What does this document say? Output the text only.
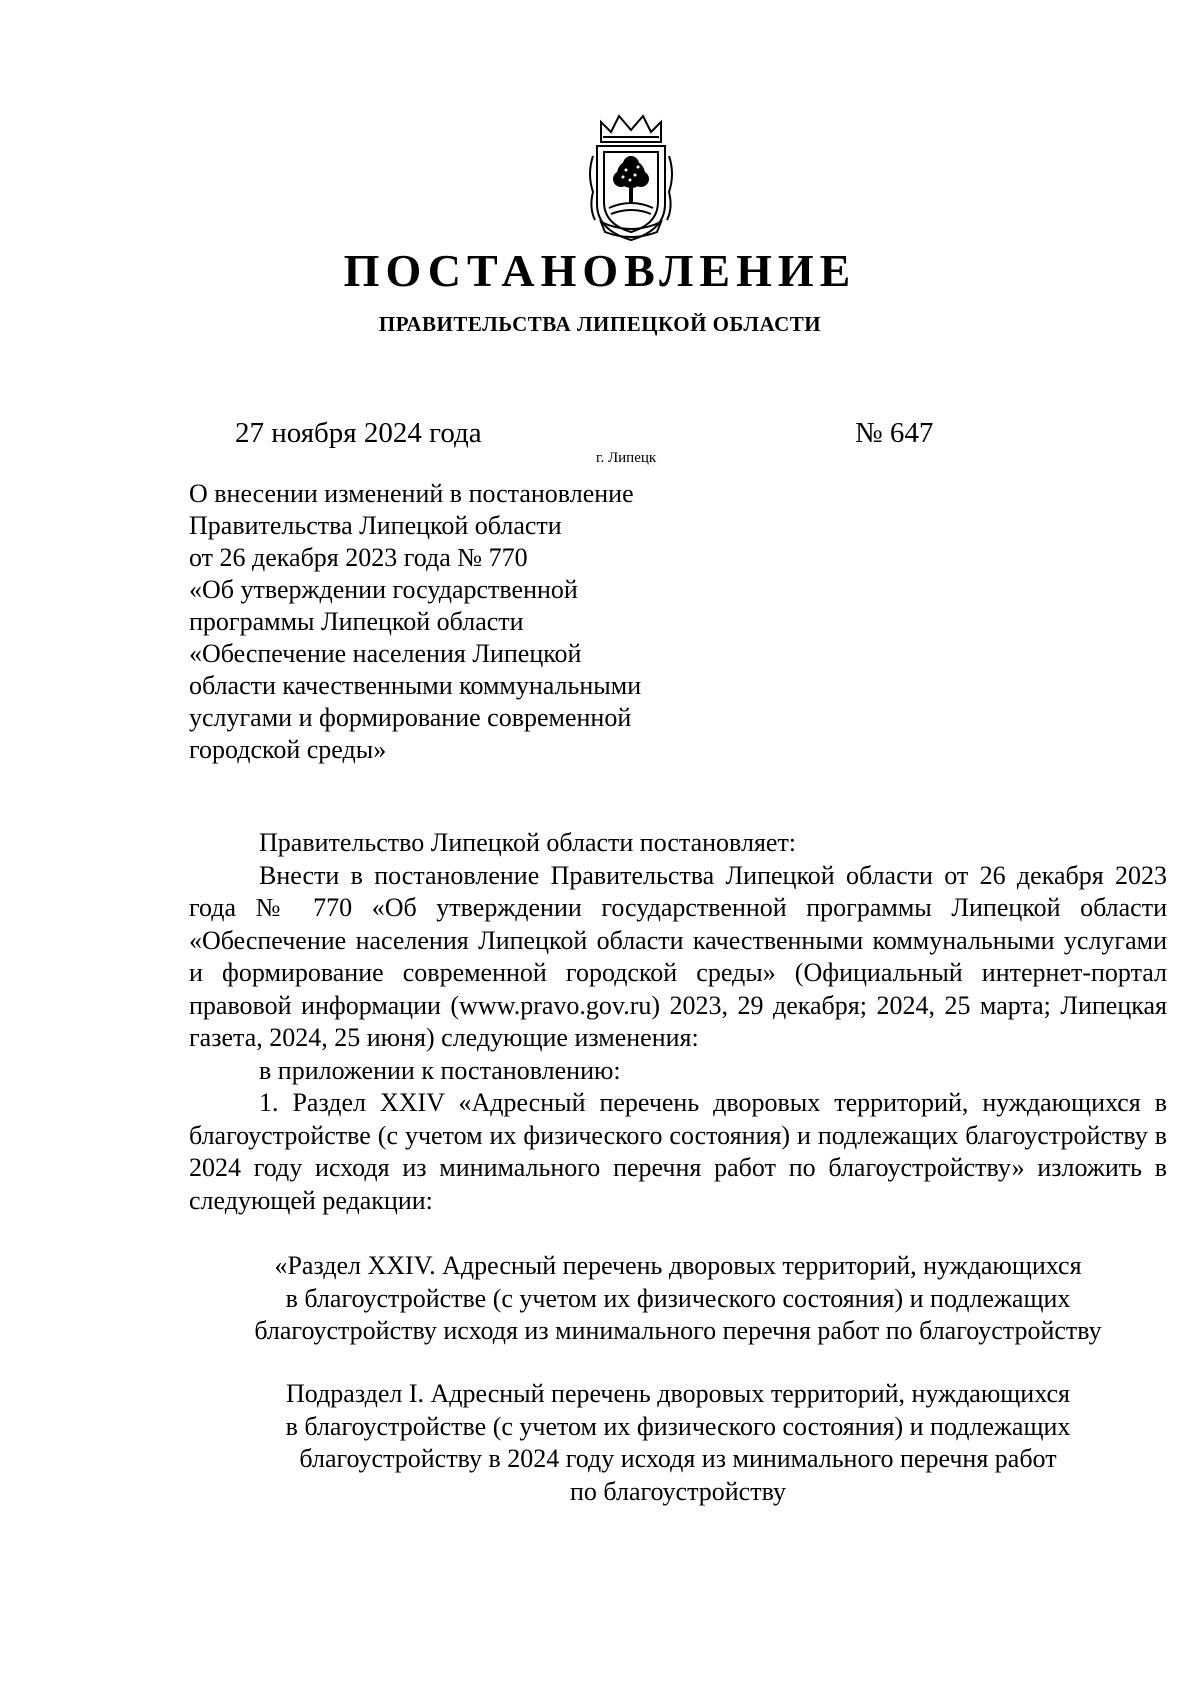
ПОСТАНОВЛЕНИЕ
ПРАВИТЕЛЬСТВА ЛИПЕЦКОЙ ОБЛАСТИ
27 ноября 2024 года
г. Липецк
№ 647
О внесении изменений в постановление
Правительства Липецкой области
от 26 декабря 2023 года № 770
«Об утверждении государственной
программы Липецкой области
«Обеспечение населения Липецкой
области качественными коммунальными
услугами и формирование современной
городской среды»

Правительство Липецкой области постановляет:

Внести в постановление Правительства Липецкой области от 26 декабря 2023 года № 770 «Об утверждении государственной программы Липецкой области «Обеспечение населения Липецкой области качественными коммунальными услугами и формирование современной городской среды» (Официальный интернет-портал правовой информации (www.pravo.gov.ru) 2023, 29 декабря; 2024, 25 марта; Липецкая газета, 2024, 25 июня) следующие изменения:

в приложении к постановлению:

1. Раздел XXIV «Адресный перечень дворовых территорий, нуждающихся в благоустройстве (с учетом их физического состояния) и подлежащих благоустройству в 2024 году исходя из минимального перечня работ по благоустройству» изложить в следующей редакции:

«Раздел XXIV. Адресный перечень дворовых территорий, нуждающихся
в благоустройстве (с учетом их физического состояния) и подлежащих
благоустройству исходя из минимального перечня работ по благоустройству
Подраздел I. Адресный перечень дворовых территорий, нуждающихся
в благоустройстве (с учетом их физического состояния) и подлежащих
благоустройству в 2024 году исходя из минимального перечня работ
по благоустройству
